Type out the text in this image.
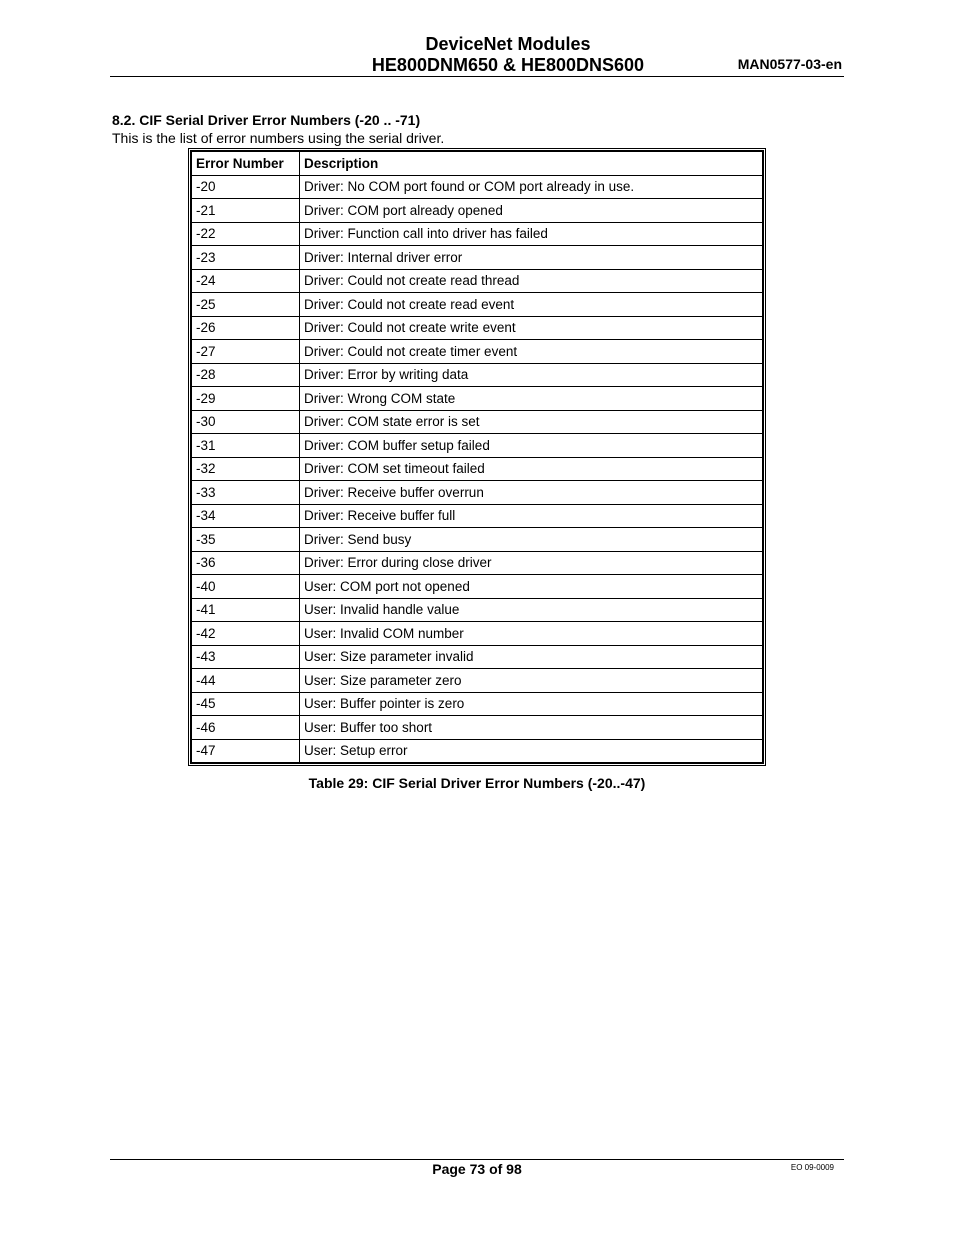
DeviceNet Modules
HE800DNM650 & HE800DNS600	MAN0577-03-en
8.2. CIF Serial Driver Error Numbers (-20 .. -71)
This is the list of error numbers using the serial driver.
Error Number	Description
-20	Driver: No COM port found or COM port already in use.
-21	Driver: COM port already opened
-22	Driver: Function call into driver has failed
-23	Driver: Internal driver error
-24	Driver: Could not create read thread
-25	Driver: Could not create read event
-26	Driver: Could not create write event
-27	Driver: Could not create timer event
-28	Driver: Error by writing data
-29	Driver: Wrong COM state
-30	Driver: COM state error is set
-31	Driver: COM buffer setup failed
-32	Driver: COM set timeout failed
-33	Driver: Receive buffer overrun
-34	Driver: Receive buffer full
-35	Driver: Send busy
-36	Driver: Error during close driver
-40	User: COM port not opened
-41	User: Invalid handle value
-42	User: Invalid COM number
-43	User: Size parameter invalid
-44	User: Size parameter zero
-45	User: Buffer pointer is zero
-46	User: Buffer too short
-47	User: Setup error
Table 29: CIF Serial Driver Error Numbers (-20..-47)
Page 73 of 98	EO 09-0009
